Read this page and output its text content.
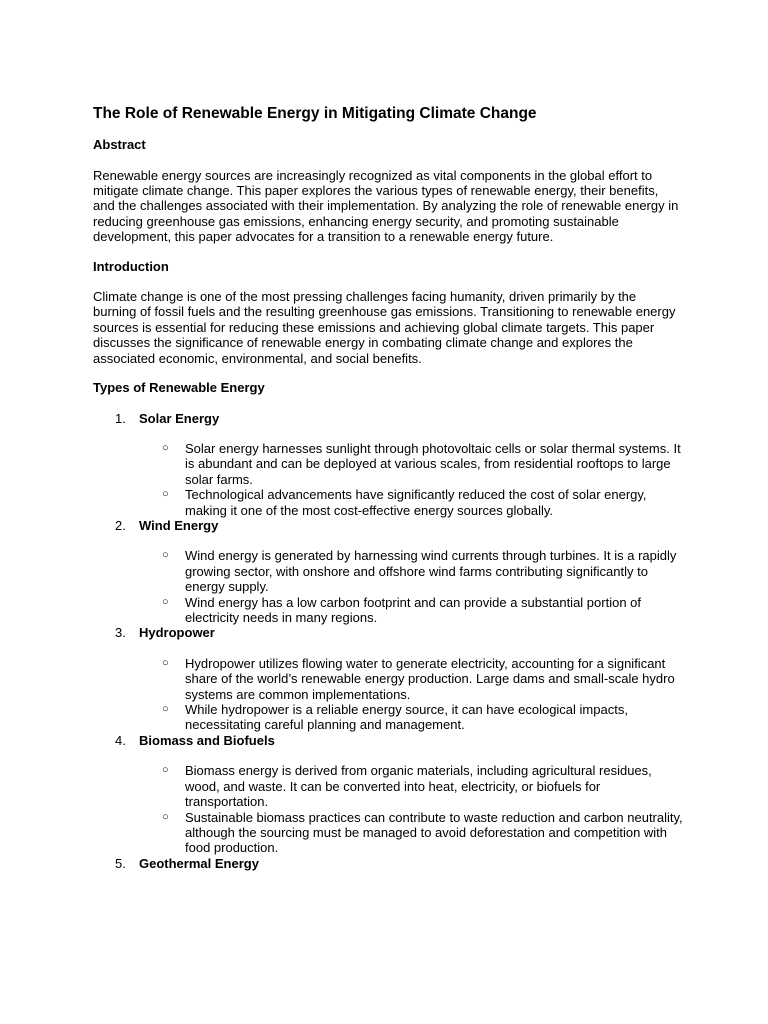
The Role of Renewable Energy in Mitigating Climate Change
Abstract

Renewable energy sources are increasingly recognized as vital components in the global effort to mitigate climate change. This paper explores the various types of renewable energy, their benefits, and the challenges associated with their implementation. By analyzing the role of renewable energy in reducing greenhouse gas emissions, enhancing energy security, and promoting sustainable development, this paper advocates for a transition to a renewable energy future.

Introduction

Climate change is one of the most pressing challenges facing humanity, driven primarily by the burning of fossil fuels and the resulting greenhouse gas emissions. Transitioning to renewable energy sources is essential for reducing these emissions and achieving global climate targets. This paper discusses the significance of renewable energy in combating climate change and explores the associated economic, environmental, and social benefits.

Types of Renewable Energy
1. Solar Energy
○ Solar energy harnesses sunlight through photovoltaic cells or solar thermal systems. It is abundant and can be deployed at various scales, from residential rooftops to large solar farms.
○ Technological advancements have significantly reduced the cost of solar energy, making it one of the most cost-effective energy sources globally.
2. Wind Energy
○ Wind energy is generated by harnessing wind currents through turbines. It is a rapidly growing sector, with onshore and offshore wind farms contributing significantly to energy supply.
○ Wind energy has a low carbon footprint and can provide a substantial portion of electricity needs in many regions.
3. Hydropower
○ Hydropower utilizes flowing water to generate electricity, accounting for a significant share of the world’s renewable energy production. Large dams and small-scale hydro systems are common implementations.
○ While hydropower is a reliable energy source, it can have ecological impacts, necessitating careful planning and management.
4. Biomass and Biofuels
○ Biomass energy is derived from organic materials, including agricultural residues, wood, and waste. It can be converted into heat, electricity, or biofuels for transportation.
○ Sustainable biomass practices can contribute to waste reduction and carbon neutrality, although the sourcing must be managed to avoid deforestation and competition with food production.
5. Geothermal Energy
